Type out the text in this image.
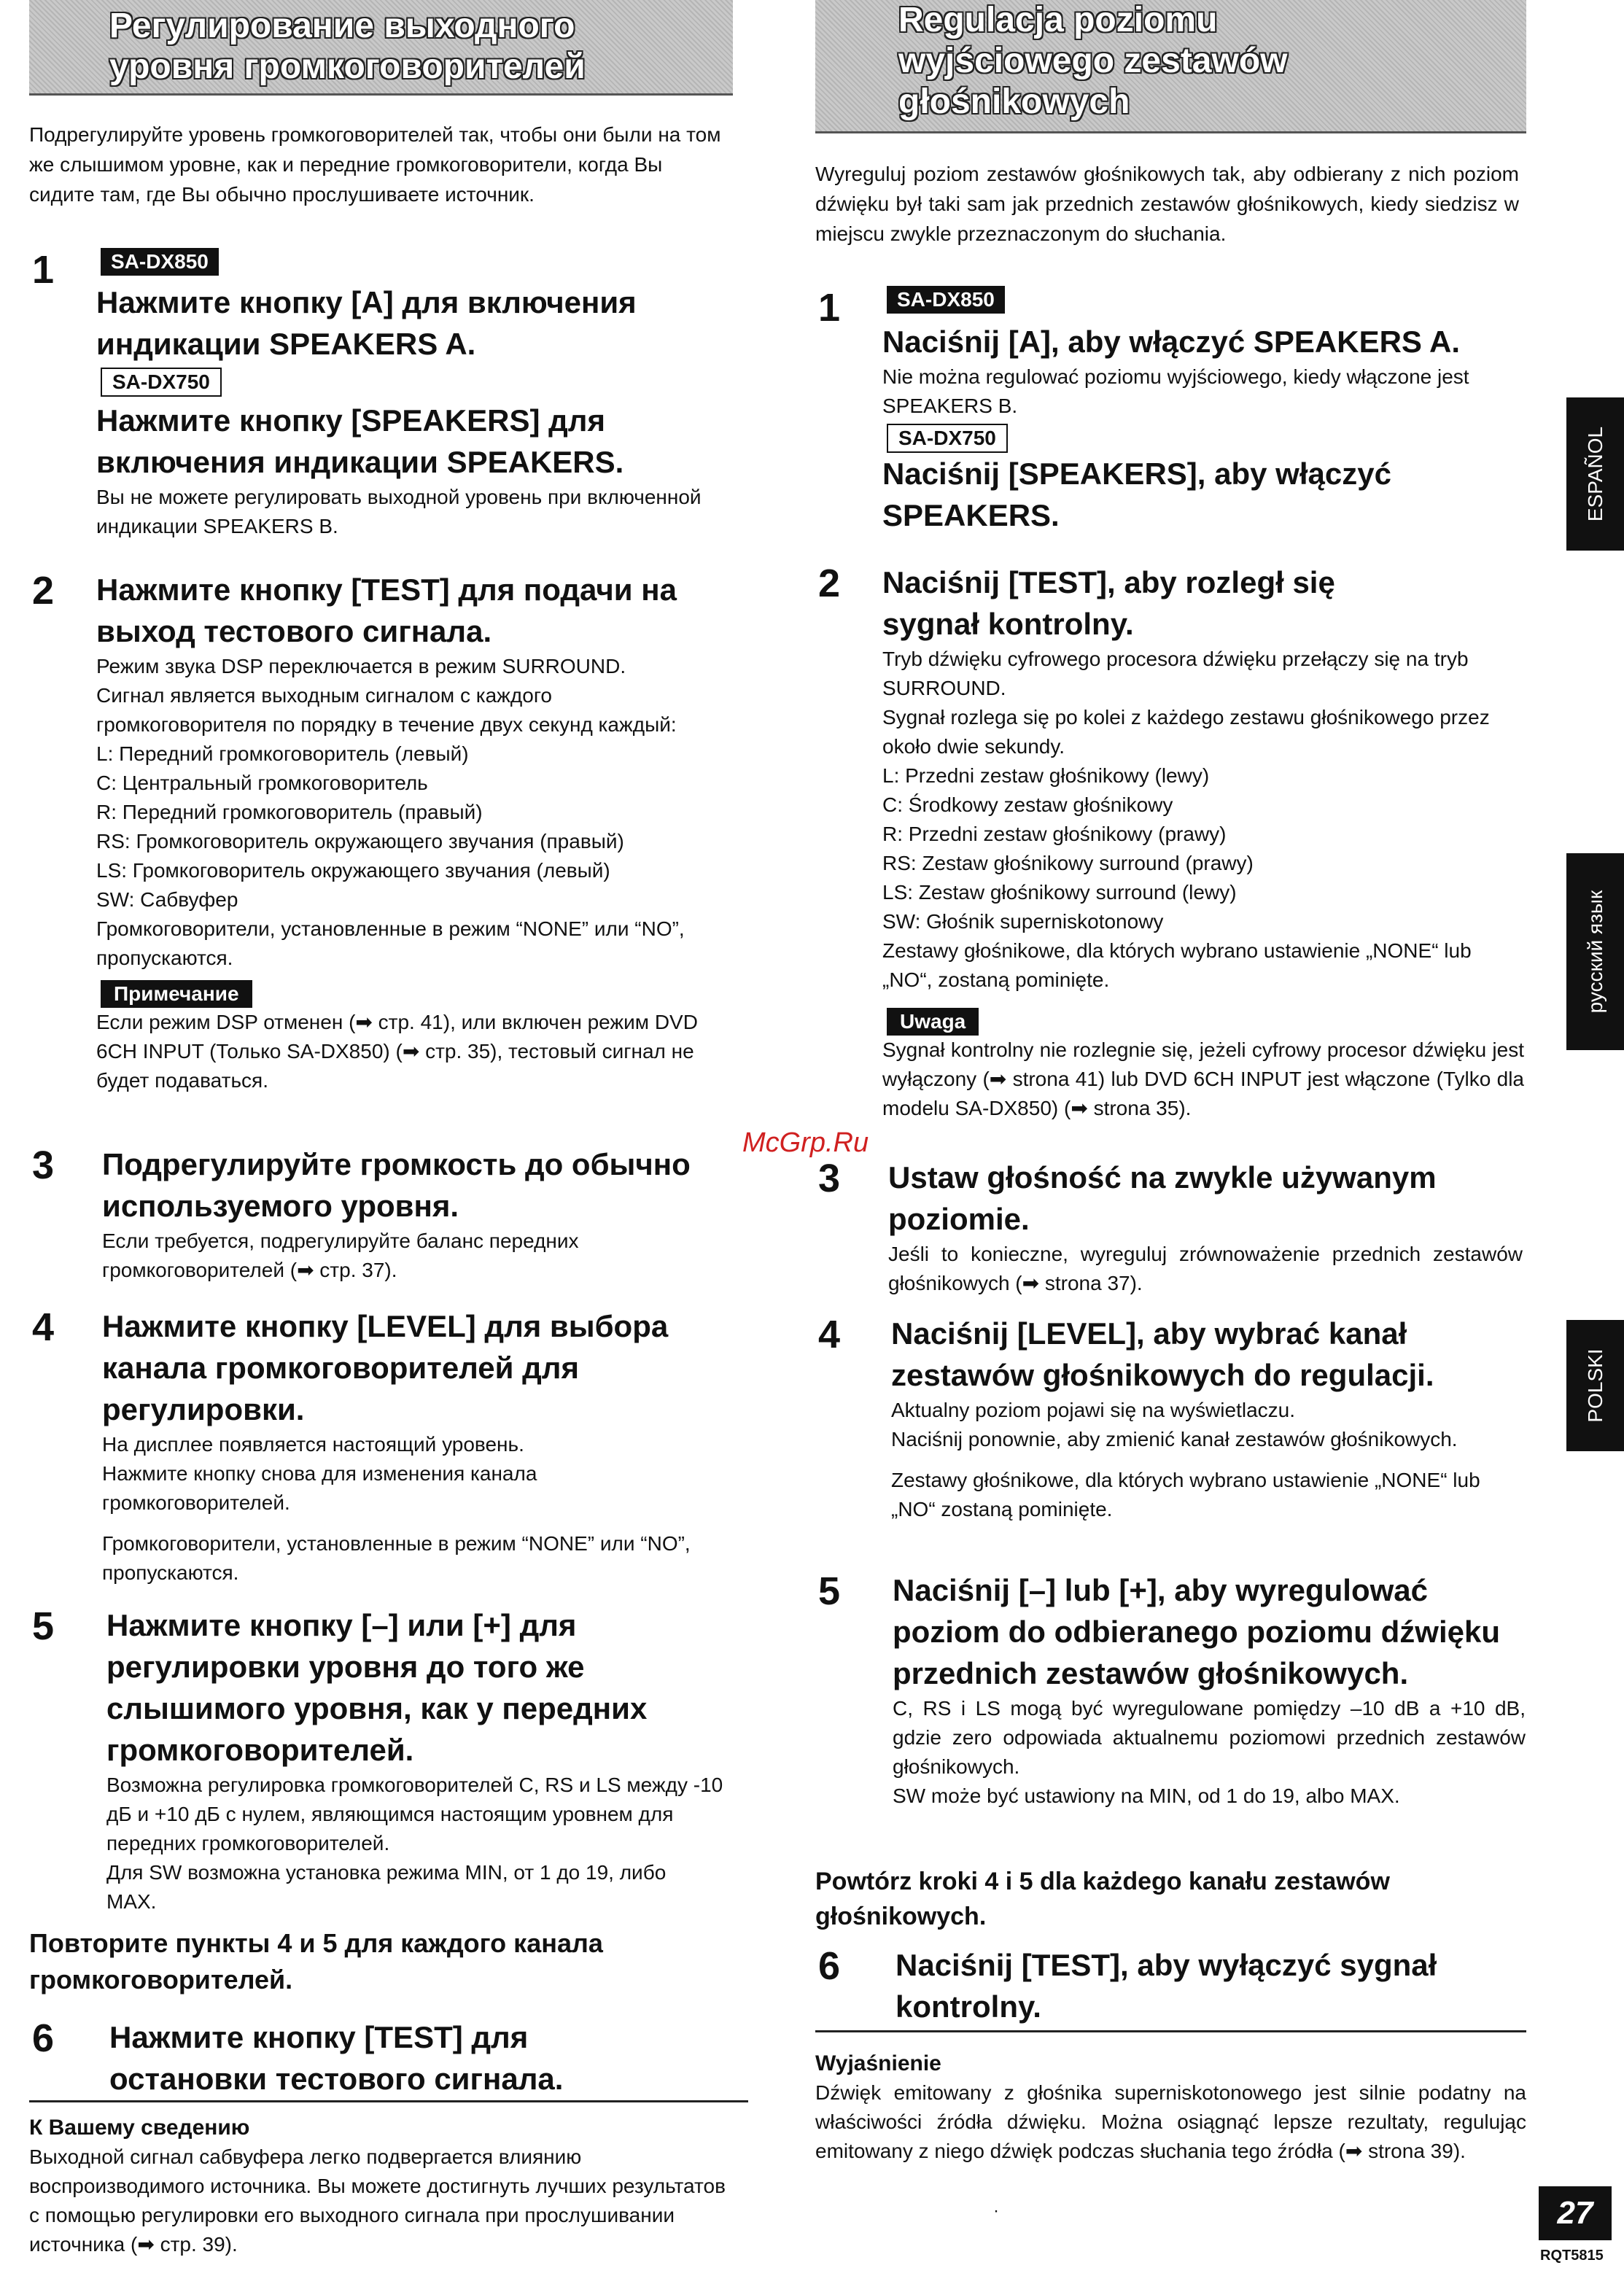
Регулирование выходного
уровня громкоговорителей
Подрегулируйте уровень громкоговорителей так, чтобы они были на том же слышимом уровне, как и передние громкоговорители, когда Вы сидите там, где Вы обычно прослушиваете источник.
1	SA-DX850
Нажмите кнопку [A] для включения индикации SPEAKERS A.
SA-DX750
Нажмите кнопку [SPEAKERS] для включения индикации SPEAKERS.
Вы не можете регулировать выходной уровень при включенной индикации SPEAKERS B.
2 Нажмите кнопку [TEST] для подачи на выход тестового сигнала.
Режим звука DSP переключается в режим SURROUND.
Сигнал является выходным сигналом с каждого громкоговорителя по порядку в течение двух секунд каждый:
L: Передний громкоговоритель (левый)
C: Центральный громкоговоритель
R: Передний громкоговоритель (правый)
RS: Громкоговоритель окружающего звучания (правый)
LS: Громкоговоритель окружающего звучания (левый)
SW: Сабвуфер
Громкоговорители, установленные в режим “NONE” или “NO”, пропускаются.
Примечание
Если режим DSP отменен (➡ стр. 41), или включен режим DVD 6CH INPUT (Только SA-DX850) (➡ стр. 35), тестовый сигнал не будет подаваться.
3 Подрегулируйте громкость до обычно используемого уровня.
Если требуется, подрегулируйте баланс передних громкоговорителей (➡ стр. 37).
4 Нажмите кнопку [LEVEL] для выбора канала громкоговорителей для регулировки.
На дисплее появляется настоящий уровень.
Нажмите кнопку снова для изменения канала громкоговорителей.
Громкоговорители, установленные в режим “NONE” или “NO”, пропускаются.
5 Нажмите кнопку [–] или [+] для регулировки уровня до того же слышимого уровня, как у передних громкоговорителей.
Возможна регулировка громкоговорителей C, RS и LS между -10 дБ и +10 дБ с нулем, являющимся настоящим уровнем для передних громкоговорителей.
Для SW возможна установка режима MIN, от 1 до 19, либо MAX.
Повторите пункты 4 и 5 для каждого канала громкоговорителей.
6 Нажмите кнопку [TEST] для остановки тестового сигнала.
К Вашему сведению
Выходной сигнал сабвуфера легко подвергается влиянию воспроизводимого источника. Вы можете достигнуть лучших результатов с помощью регулировки его выходного сигнала при прослушивании источника (➡ стр. 39).
Regulacja poziomu
wyjściowego zestawów
głośnikowych
Wyreguluj poziom zestawów głośnikowych tak, aby odbierany z nich poziom dźwięku był taki sam jak przednich zestawów głośnikowych, kiedy siedzisz w miejscu zwykle przeznaczonym do słuchania.
1	SA-DX850
Naciśnij [A], aby włączyć SPEAKERS A.
Nie można regulować poziomu wyjściowego, kiedy włączone jest SPEAKERS B.
SA-DX750
Naciśnij [SPEAKERS], aby włączyć SPEAKERS.
2 Naciśnij [TEST], aby rozległ się sygnał kontrolny.
Tryb dźwięku cyfrowego procesora dźwięku przełączy się na tryb SURROUND.
Sygnał rozlega się po kolei z każdego zestawu głośnikowego przez około dwie sekundy.
L: Przedni zestaw głośnikowy (lewy)
C: Środkowy zestaw głośnikowy
R: Przedni zestaw głośnikowy (prawy)
RS: Zestaw głośnikowy surround (prawy)
LS: Zestaw głośnikowy surround (lewy)
SW: Głośnik superniskotonowy
Zestawy głośnikowe, dla których wybrano ustawienie „NONE“ lub „NO“, zostaną pominięte.
Uwaga
Sygnał kontrolny nie rozlegnie się, jeżeli cyfrowy procesor dźwięku jest wyłączony (➡ strona 41) lub DVD 6CH INPUT jest włączone (Tylko dla modelu SA-DX850) (➡ strona 35).
3 Ustaw głośność na zwykle używanym poziomie.
Jeśli to konieczne, wyreguluj zrównoważenie przednich zestawów głośnikowych (➡ strona 37).
4 Naciśnij [LEVEL], aby wybrać kanał zestawów głośnikowych do regulacji.
Aktualny poziom pojawi się na wyświetlaczu.
Naciśnij ponownie, aby zmienić kanał zestawów głośnikowych.
Zestawy głośnikowe, dla których wybrano ustawienie „NONE“ lub „NO“ zostaną pominięte.
5 Naciśnij [–] lub [+], aby wyregulować poziom do odbieranego poziomu dźwięku przednich zestawów głośnikowych.
C, RS i LS mogą być wyregulowane pomiędzy –10 dB a +10 dB, gdzie zero odpowiada aktualnemu poziomowi przednich zestawów głośnikowych.
SW może być ustawiony na MIN, od 1 do 19, albo MAX.
Powtórz kroki 4 i 5 dla każdego kanału zestawów głośnikowych.
6 Naciśnij [TEST], aby wyłączyć sygnał kontrolny.
Wyjaśnienie
Dźwięk emitowany z głośnika superniskotonowego jest silnie podatny na właściwości źródła dźwięku. Można osiągnąć lepsze rezultaty, regulując emitowany z niego dźwięk podczas słuchania tego źródła (➡ strona 39).
ESPAÑOL
русский язык
POLSKI
McGrp.Ru
·	27
RQT5815
